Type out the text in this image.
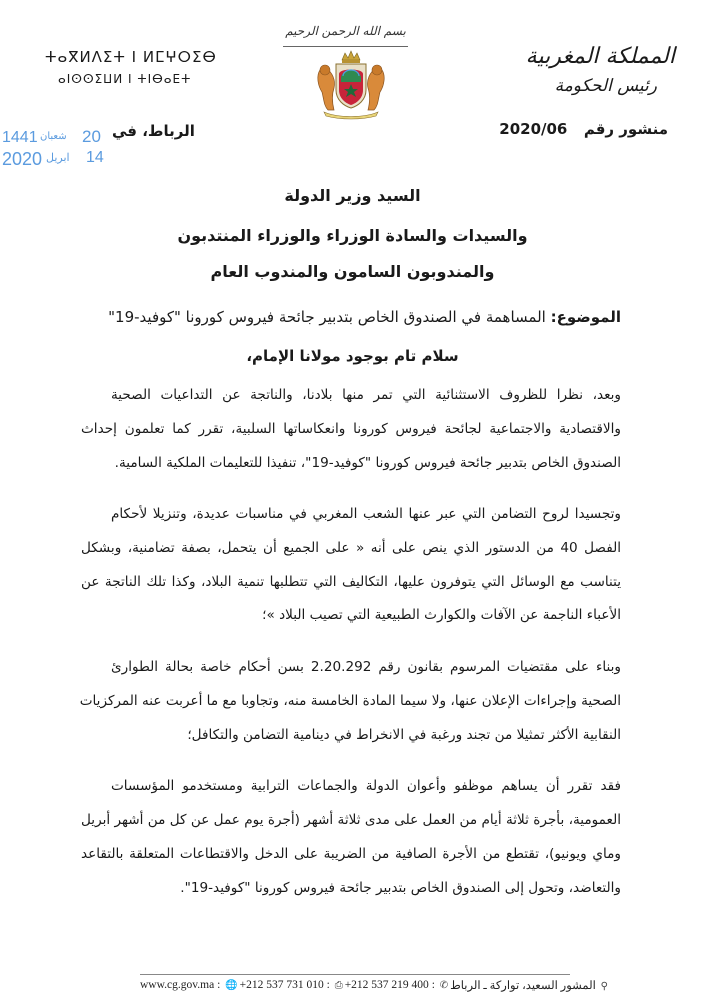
ⵜⴰⴳⵍⴷⵉⵜ ⵏ ⵍⵎⵖⵔⵉⴱ
ⴰⵏⵙⵙⵉⵡⵍ ⵏ ⵜⵏⴱⴰⴹⵜ
بسم الله الرحمن الرحيم
المملكة المغربية
رئيس الحكومة
منشور رقم  2020/06
الرباط، في
1441 شعبان 20
2020 ابريل 14
السيد وزير الدولة
والسيدات والسادة الوزراء والوزراء المنتدبون
والمندوبون السامون والمندوب العام
الموضوع: المساهمة في الصندوق الخاص بتدبير جائحة فيروس كورونا "كوفيد-19"
سلام تام بوجود مولانا الإمام،
وبعد، نظرا للظروف الاستثنائية التي تمر منها بلادنا، والناتجة عن التداعيات الصحية
والاقتصادية والاجتماعية لجائحة فيروس كورونا وانعكاساتها السلبية، تقرر كما تعلمون إحداث
الصندوق الخاص بتدبير جائحة فيروس كورونا "كوفيد-19"، تنفيذا للتعليمات الملكية السامية.
وتجسيدا لروح التضامن التي عبر عنها الشعب المغربي في مناسبات عديدة، وتنزيلا لأحكام
الفصل 40 من الدستور الذي ينص على أنه « على الجميع أن يتحمل، بصفة تضامنية، وبشكل
يتناسب مع الوسائل التي يتوفرون عليها، التكاليف التي تتطلبها تنمية البلاد، وكذا تلك الناتجة عن
الأعباء الناجمة عن الآفات والكوارث الطبيعية التي تصيب البلاد »؛
وبناء على مقتضيات المرسوم بقانون رقم 2.20.292 بسن أحكام خاصة بحالة الطوارئ
الصحية وإجراءات الإعلان عنها، ولا سيما المادة الخامسة منه، وتجاوبا مع ما أعربت عنه المركزيات
النقابية الأكثر تمثيلا من تجند ورغبة في الانخراط في دينامية التضامن والتكافل؛
فقد تقرر أن يساهم موظفو وأعوان الدولة والجماعات الترابية ومستخدمو المؤسسات
العمومية، بأجرة ثلاثة أيام من العمل على مدى ثلاثة أشهر (أجرة يوم عمل عن كل من أشهر أبريل
وماي ويونيو)، تقتطع من الأجرة الصافية من الضريبة على الدخل والاقتطاعات المتعلقة بالتقاعد
والتعاضد، وتحول إلى الصندوق الخاص بتدبير جائحة فيروس كورونا "كوفيد-19".
www.cg.gov.ma : 🌐 +212 537 731 010 : ⎙ +212 537 219 400 : ✆	⚲ المشور السعيد، تواركة ـ الرباط
